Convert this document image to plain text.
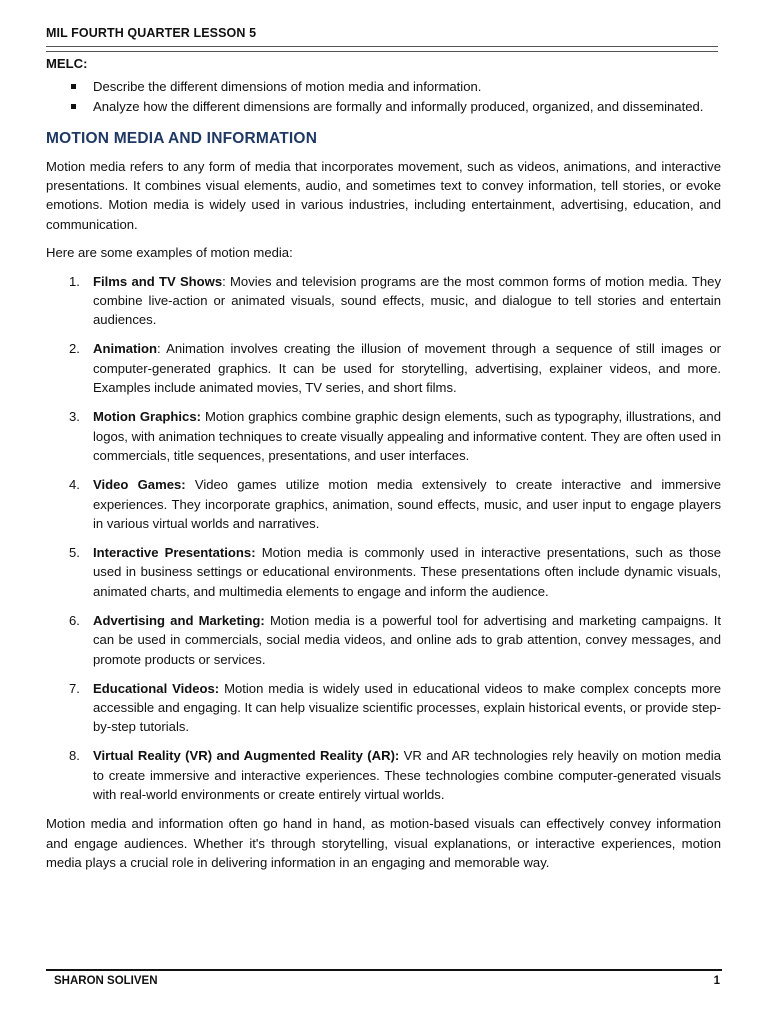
MIL FOURTH QUARTER LESSON 5

MELC:

Describe the different dimensions of motion media and information.
Analyze how the different dimensions are formally and informally produced, organized, and disseminated.
MOTION MEDIA AND INFORMATION

Motion media refers to any form of media that incorporates movement, such as videos, animations, and interactive presentations. It combines visual elements, audio, and sometimes text to convey information, tell stories, or evoke emotions. Motion media is widely used in various industries, including entertainment, advertising, education, and communication.

Here are some examples of motion media:

1. Films and TV Shows: Movies and television programs are the most common forms of motion media. They combine live-action or animated visuals, sound effects, music, and dialogue to tell stories and entertain audiences.
2. Animation: Animation involves creating the illusion of movement through a sequence of still images or computer-generated graphics. It can be used for storytelling, advertising, explainer videos, and more. Examples include animated movies, TV series, and short films.
3. Motion Graphics: Motion graphics combine graphic design elements, such as typography, illustrations, and logos, with animation techniques to create visually appealing and informative content. They are often used in commercials, title sequences, presentations, and user interfaces.
4. Video Games: Video games utilize motion media extensively to create interactive and immersive experiences. They incorporate graphics, animation, sound effects, music, and user input to engage players in various virtual worlds and narratives.
5. Interactive Presentations: Motion media is commonly used in interactive presentations, such as those used in business settings or educational environments. These presentations often include dynamic visuals, animated charts, and multimedia elements to engage and inform the audience.
6. Advertising and Marketing: Motion media is a powerful tool for advertising and marketing campaigns. It can be used in commercials, social media videos, and online ads to grab attention, convey messages, and promote products or services.
7. Educational Videos: Motion media is widely used in educational videos to make complex concepts more accessible and engaging. It can help visualize scientific processes, explain historical events, or provide step-by-step tutorials.
8. Virtual Reality (VR) and Augmented Reality (AR): VR and AR technologies rely heavily on motion media to create immersive and interactive experiences. These technologies combine computer-generated visuals with real-world environments or create entirely virtual worlds.

Motion media and information often go hand in hand, as motion-based visuals can effectively convey information and engage audiences. Whether it's through storytelling, visual explanations, or interactive experiences, motion media plays a crucial role in delivering information in an engaging and memorable way.

SHARON SOLIVEN	1
